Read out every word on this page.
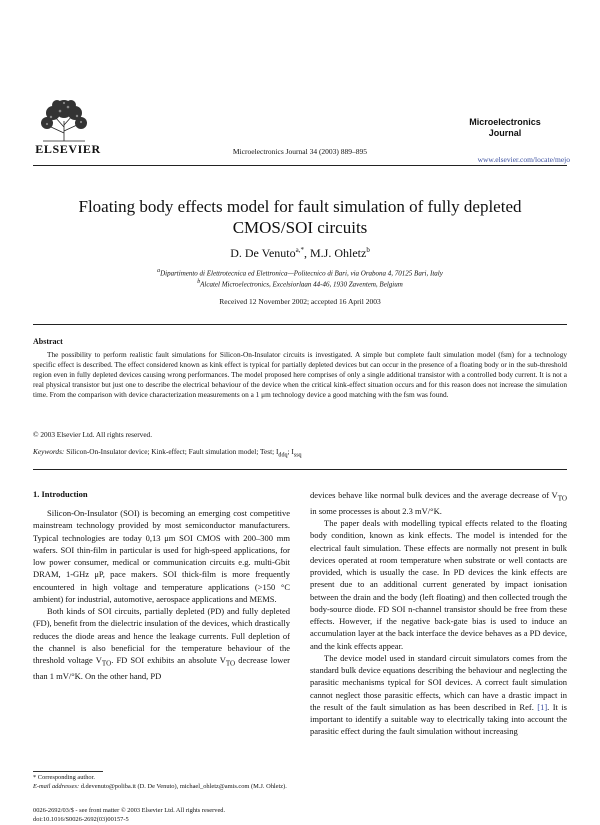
ELSEVIER	Microelectronics Journal 34 (2003) 889–895
Microelectronics
Journal
www.elsevier.com/locate/mejo
Floating body effects model for fault simulation of fully depleted
CMOS/SOI circuits
D. De Venuto$^{a,*}$, M.J. Ohletz$^b$
$^a$Dipartimento di Elettrotecnica ed Elettronica—Politecnico di Bari, via Orabona 4, 70125 Bari, Italy
$^b$Alcatel Microelectronics, Excelsiorlaan 44-46, 1930 Zaventem, Belgium
Received 12 November 2002; accepted 16 April 2003
Abstract
The possibility to perform realistic fault simulations for Silicon-On-Insulator circuits is investigated. A simple but complete fault simulation model (fsm) for a technology specific effect is described. The effect considered known as kink effect is typical for partially depleted devices but can occur in the presence of a floating body or in the sub-threshold region even in fully depleted devices causing wrong performances. The model proposed here comprises of only a single additional transistor with a controlled body current. It is not a real physical transistor but just one to describe the electrical behaviour of the device when the critical kink-effect situation occurs and for this reason does not increase the simulation time. From the comparison with device characterization measurements on a 1 μm technology device a good matching with the fsm was found.
© 2003 Elsevier Ltd. All rights reserved.
Keywords: Silicon-On-Insulator device; Kink-effect; Fault simulation model; Test; $I_{ddq}$; $I_{ssq}$
1. Introduction

Silicon-On-Insulator (SOI) is becoming an emerging cost competitive mainstream technology provided by most semiconductor manufacturers. Typical technologies are today 0,13 μm SOI CMOS with 200–300 mm wafers. SOI thin-film in particular is used for high-speed applications, for low power consumer, medical or communication circuits e.g. multi-Gbit DRAM, 1-GHz μP, pace makers. SOI thick-film is more frequently encountered in high voltage and temperature applications (>150 °C ambient) for industrial, automotive, aerospace applications and MEMS.

Both kinds of SOI circuits, partially depleted (PD) and fully depleted (FD), benefit from the dielectric insulation of the devices, which drastically reduces the diode areas and hence the leakage currents. Full depletion of the channel is also beneficial for the temperature behaviour of the threshold voltage $V_{TO}$. FD SOI exhibits an absolute $V_{TO}$ decrease lower than 1 mV/°K. On the other hand, PD

devices behave like normal bulk devices and the average decrease of $V_{TO}$ in some processes is about 2.3 mV/°K.

The paper deals with modelling typical effects related to the floating body condition, known as kink effects. The model is intended for the electrical fault simulation. These effects are normally not present in bulk devices operated at room temperature when substrate or well contacts are provided, which is usually the case. In PD devices the kink effects are present due to an additional current generated by impact ionisation between the drain and the body (left floating) and then collected trough the body-source diode. FD SOI n-channel transistor should be free from these effects. However, if the negative back-gate bias is used to induce an accumulation layer at the back interface the device behaves as a PD device, and the kink effects appear.

The device model used in standard circuit simulators comes from the standard bulk device equations describing the behaviour and neglecting the parasitic mechanisms typical for SOI devices. A correct fault simulation cannot neglect those parasitic effects, which can have a drastic impact in the result of the fault simulation as has been described in Ref. [1]. It is important to identify a suitable way to electrically taking into account the parasitic effect during the fault simulation without increasing

* Corresponding author.
E-mail addresses: d.devenuto@poliba.it (D. De Venuto), michael_ohletz@amis.com (M.J. Ohletz).
0026-2692/03/$ - see front matter © 2003 Elsevier Ltd. All rights reserved.
doi:10.1016/S0026-2692(03)00157-5
